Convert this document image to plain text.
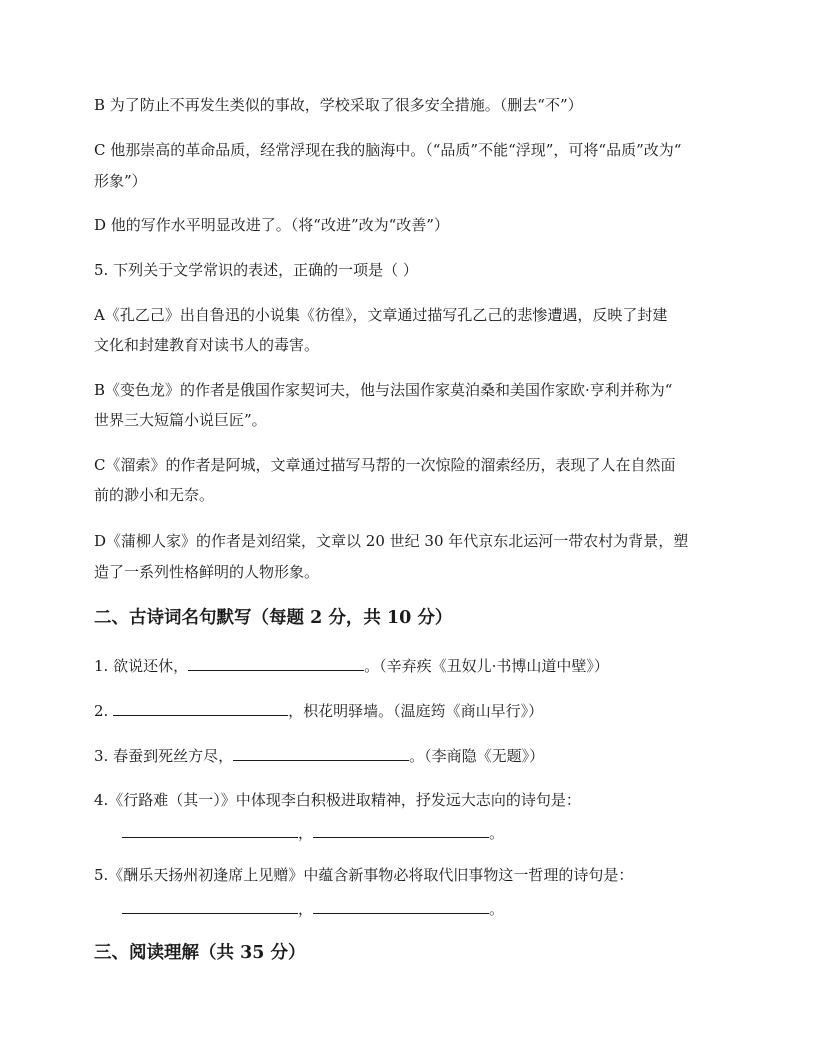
B 为了防止不再发生类似的事故，学校采取了很多安全措施。（删去“不”）
C 他那崇高的革命品质，经常浮现在我的脑海中。（“品质”不能“浮现”，可将“品质”改为“
形象”）
D 他的写作水平明显改进了。（将“改进”改为“改善”）
5. 下列关于文学常识的表述，正确的一项是（ ）
A《孔乙己》出自鲁迅的小说集《彷徨》，文章通过描写孔乙己的悲惨遭遇，反映了封建
文化和封建教育对读书人的毒害。
B《变色龙》的作者是俄国作家契诃夫，他与法国作家莫泊桑和美国作家欧·亨利并称为“
世界三大短篇小说巨匠”。
C《溜索》的作者是阿城，文章通过描写马帮的一次惊险的溜索经历，表现了人在自然面
前的渺小和无奈。
D《蒲柳人家》的作者是刘绍棠，文章以 20 世纪 30 年代京东北运河一带农村为背景，塑
造了一系列性格鲜明的人物形象。
二、古诗词名句默写（每题 2 分，共 10 分）
1. 欲说还休，	。（辛弃疾《丑奴儿·书博山道中壁》）
2.	，枳花明驿墙。（温庭筠《商山早行》）
3. 春蚕到死丝方尽，	。（李商隐《无题》）
4.《行路难（其一）》中体现李白积极进取精神，抒发远大志向的诗句是：
，	。
5.《酬乐天扬州初逢席上见赠》中蕴含新事物必将取代旧事物这一哲理的诗句是：
，	。
三、阅读理解（共 35 分）
